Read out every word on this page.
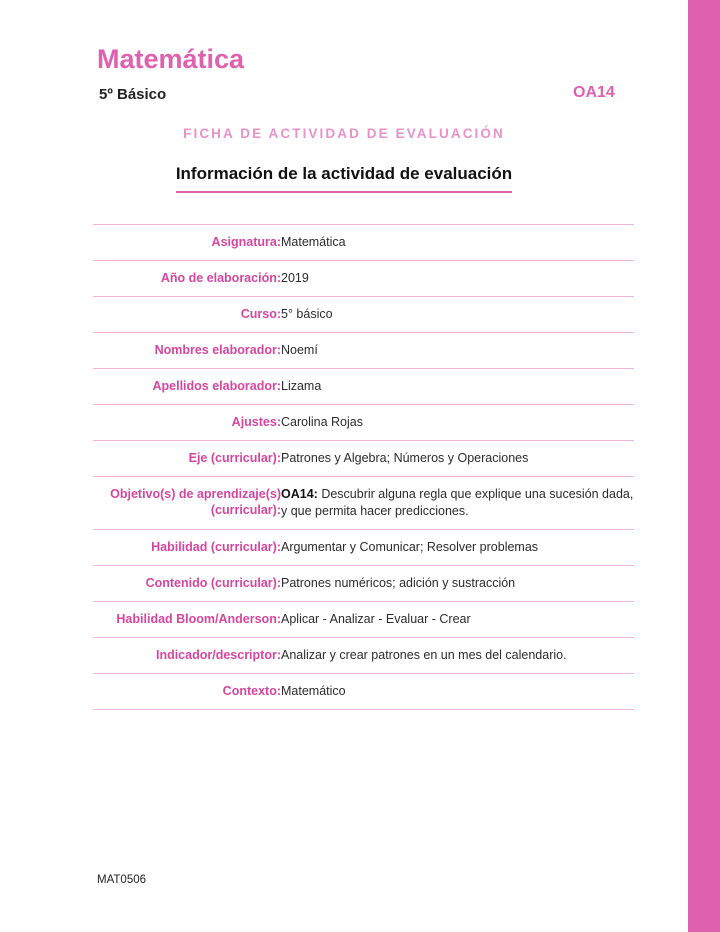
Matemática
5º Básico	OA14
FICHA DE ACTIVIDAD DE EVALUACIÓN
Información de la actividad de evaluación
Asignatura:	Matemática
Año de elaboración:	2019
Curso:	5° básico
Nombres elaborador:	Noemí
Apellidos elaborador:	Lizama
Ajustes:	Carolina Rojas
Eje (curricular):	Patrones y Algebra; Números y Operaciones
Objetivo(s) de aprendizaje(s) (curricular):	OA14: Descubrir alguna regla que explique una sucesión dada, y que permita hacer predicciones.

Habilidad (curricular):	Argumentar y Comunicar; Resolver problemas
Contenido (curricular):	Patrones numéricos; adición y sustracción
Habilidad Bloom/Anderson:	Aplicar - Analizar - Evaluar - Crear
Indicador/descriptor:	Analizar y crear patrones en un mes del calendario.
Contexto:	Matemático
MAT0506
